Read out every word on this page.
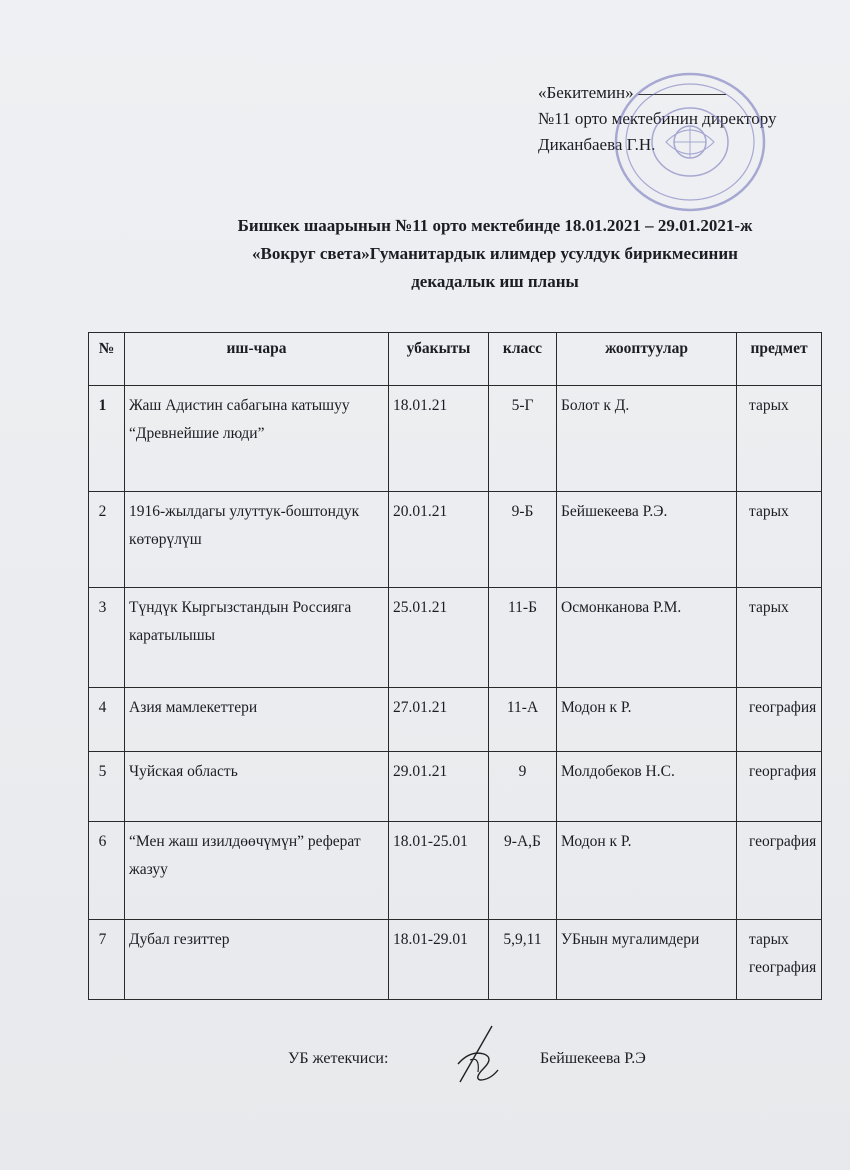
«Бекитемин»
№11 орто мектебинин директору
Диканбаева Г.Н.
Бишкек шаарынын №11 орто мектебинде 18.01.2021 – 29.01.2021-ж
«Вокруг света»Гуманитардык илимдер усулдук бирикмесинин
декадалык иш планы
№	иш-чара	убакыты	класс	жооптуулар	предмет
1	Жаш Адистин сабагына катышуу “Древнейшие люди”	18.01.21	5-Г	Болот к Д.	тарых
2	1916-жылдагы улуттук-боштондук көтөрүлүш	20.01.21	9-Б	Бейшекеева Р.Э.	тарых
3	Түндүк Кыргызстандын Россияга каратылышы	25.01.21	11-Б	Осмонканова Р.М.	тарых
4	Азия мамлекеттери	27.01.21	11-А	Модон к Р.	география
5	Чуйская область	29.01.21	9	Молдобеков Н.С.	георгафия
6	“Мен жаш изилдөөчүмүн” реферат жазуу	18.01-25.01	9-А,Б	Модон к Р.	география
7	Дубал гезиттер	18.01-29.01	5,9,11	УБнын мугалимдери	тарых география
УБ жетекчиси:	Бейшекеева Р.Э
